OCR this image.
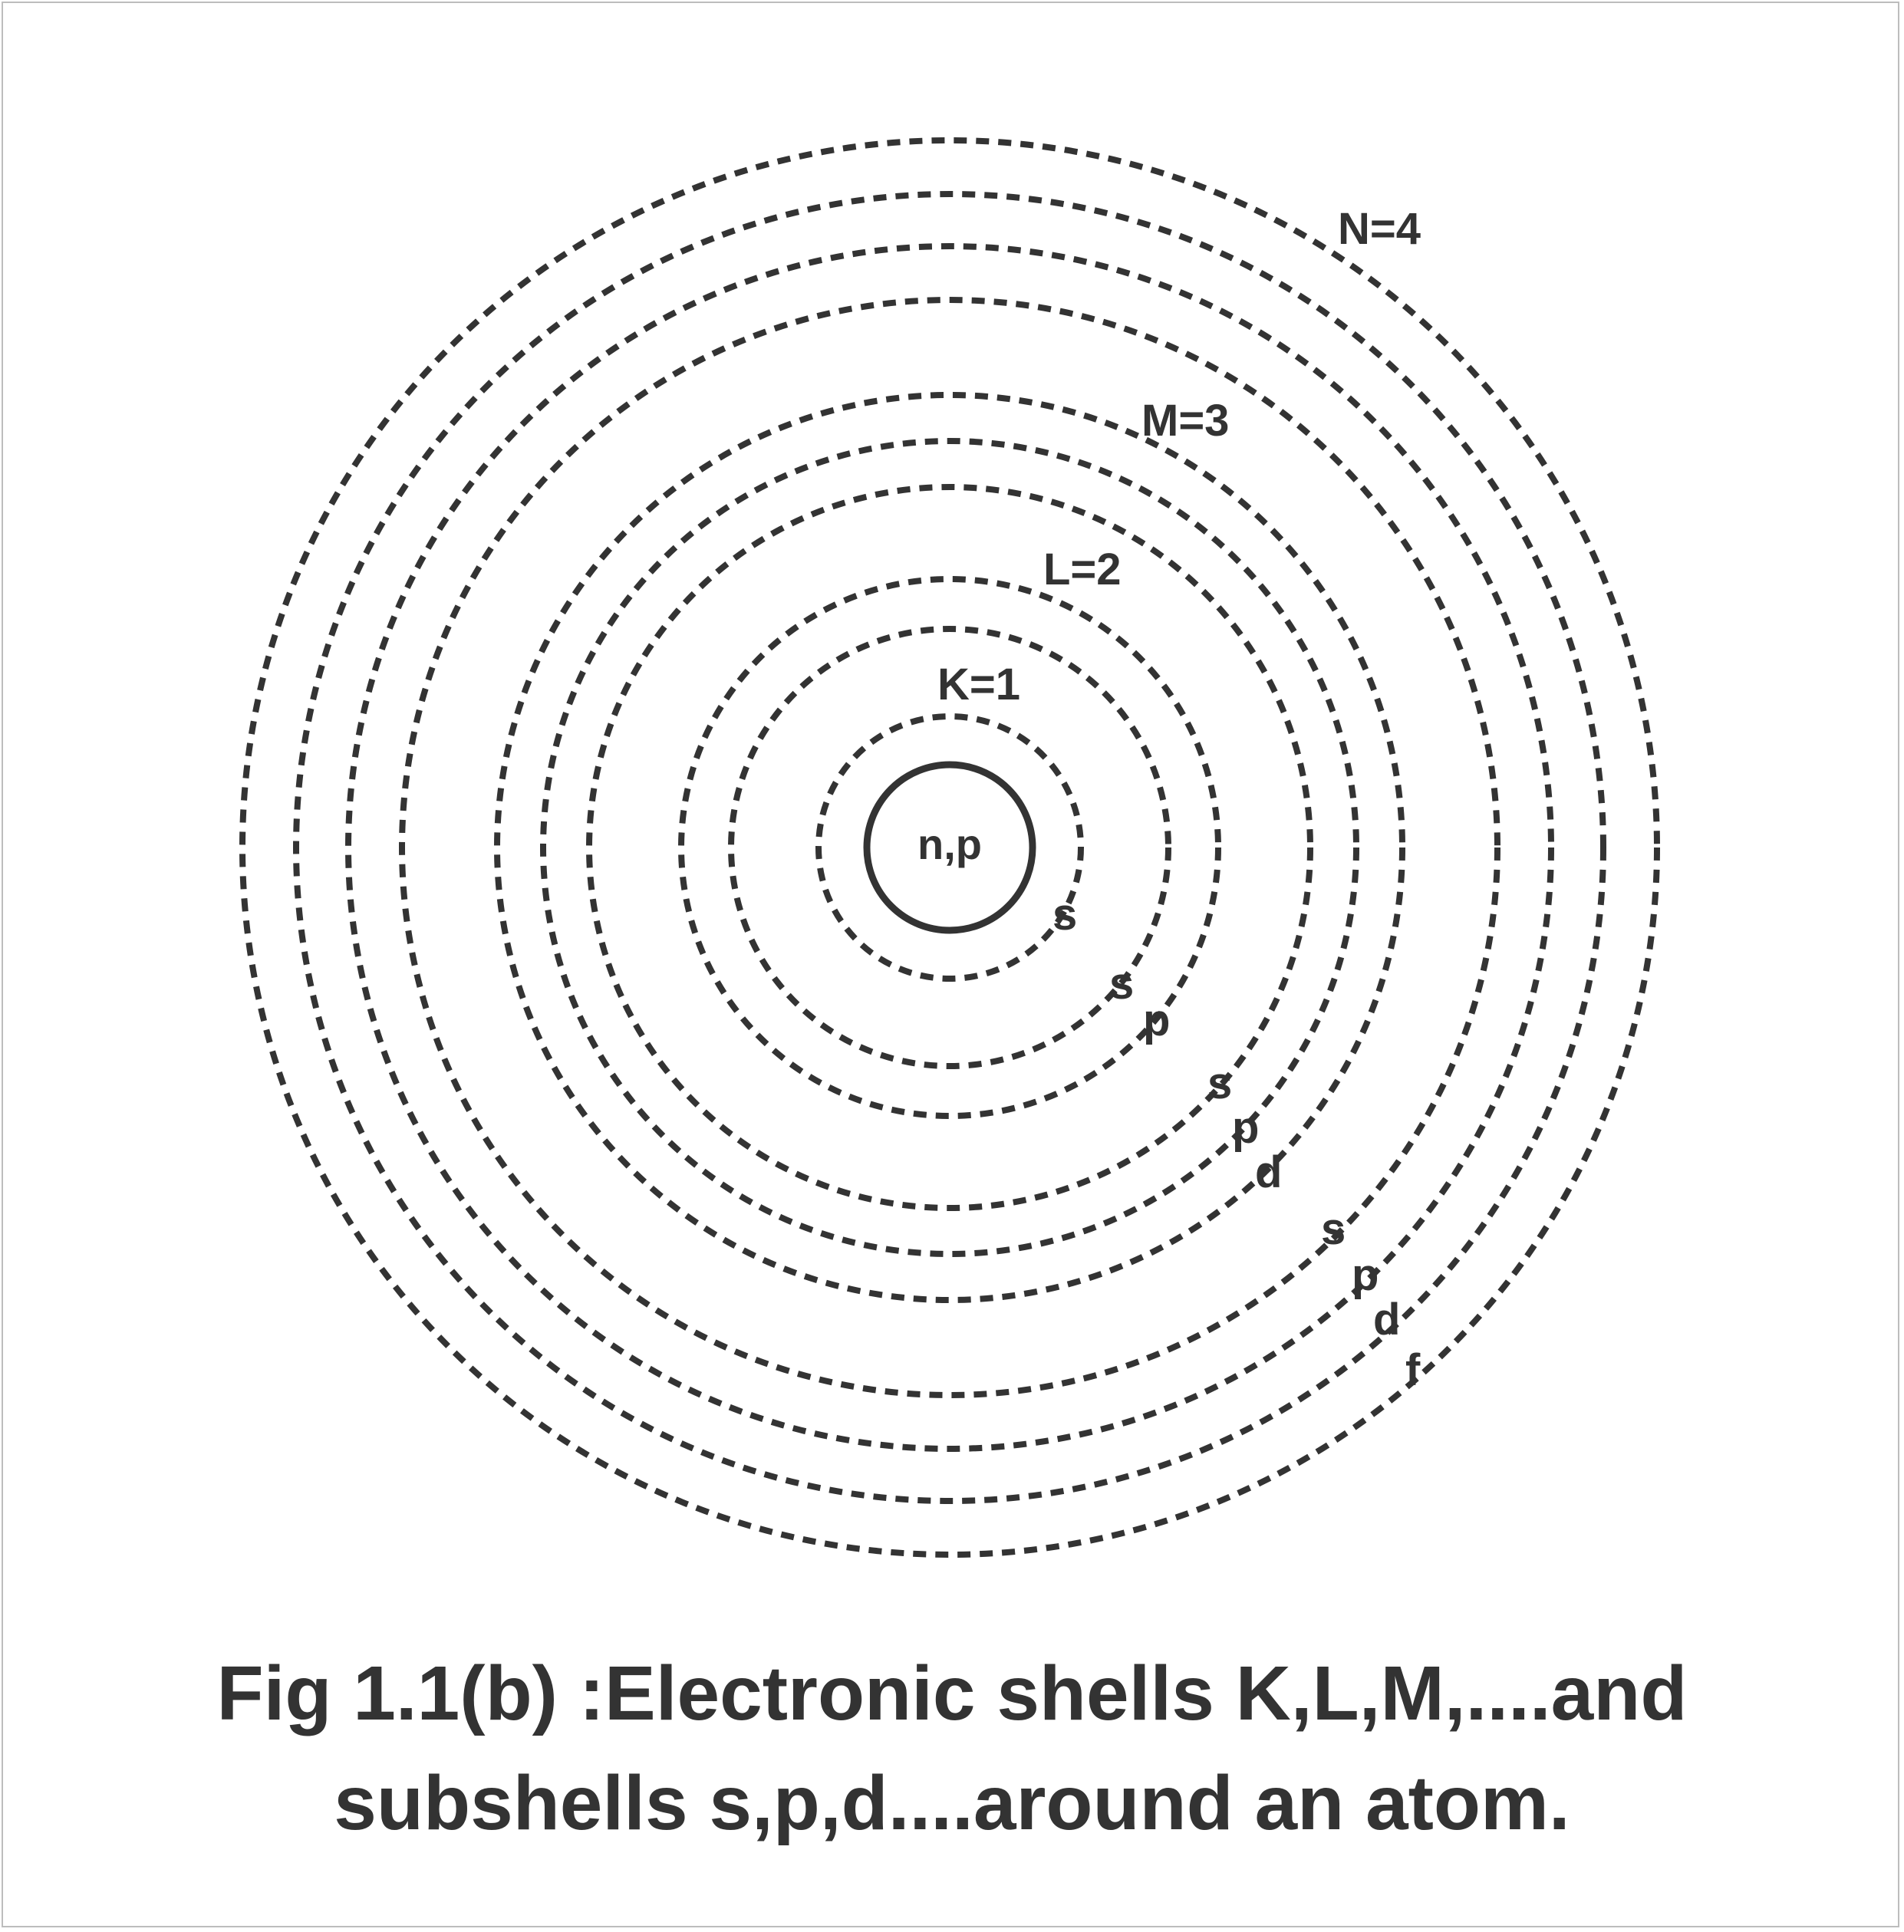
n,p
K=1
L=2
M=3
N=4
s
s
p
s
p
d
s
p
d
f
Fig 1.1(b) :Electronic shells K,L,M,....and
subshells s,p,d....around an atom.
